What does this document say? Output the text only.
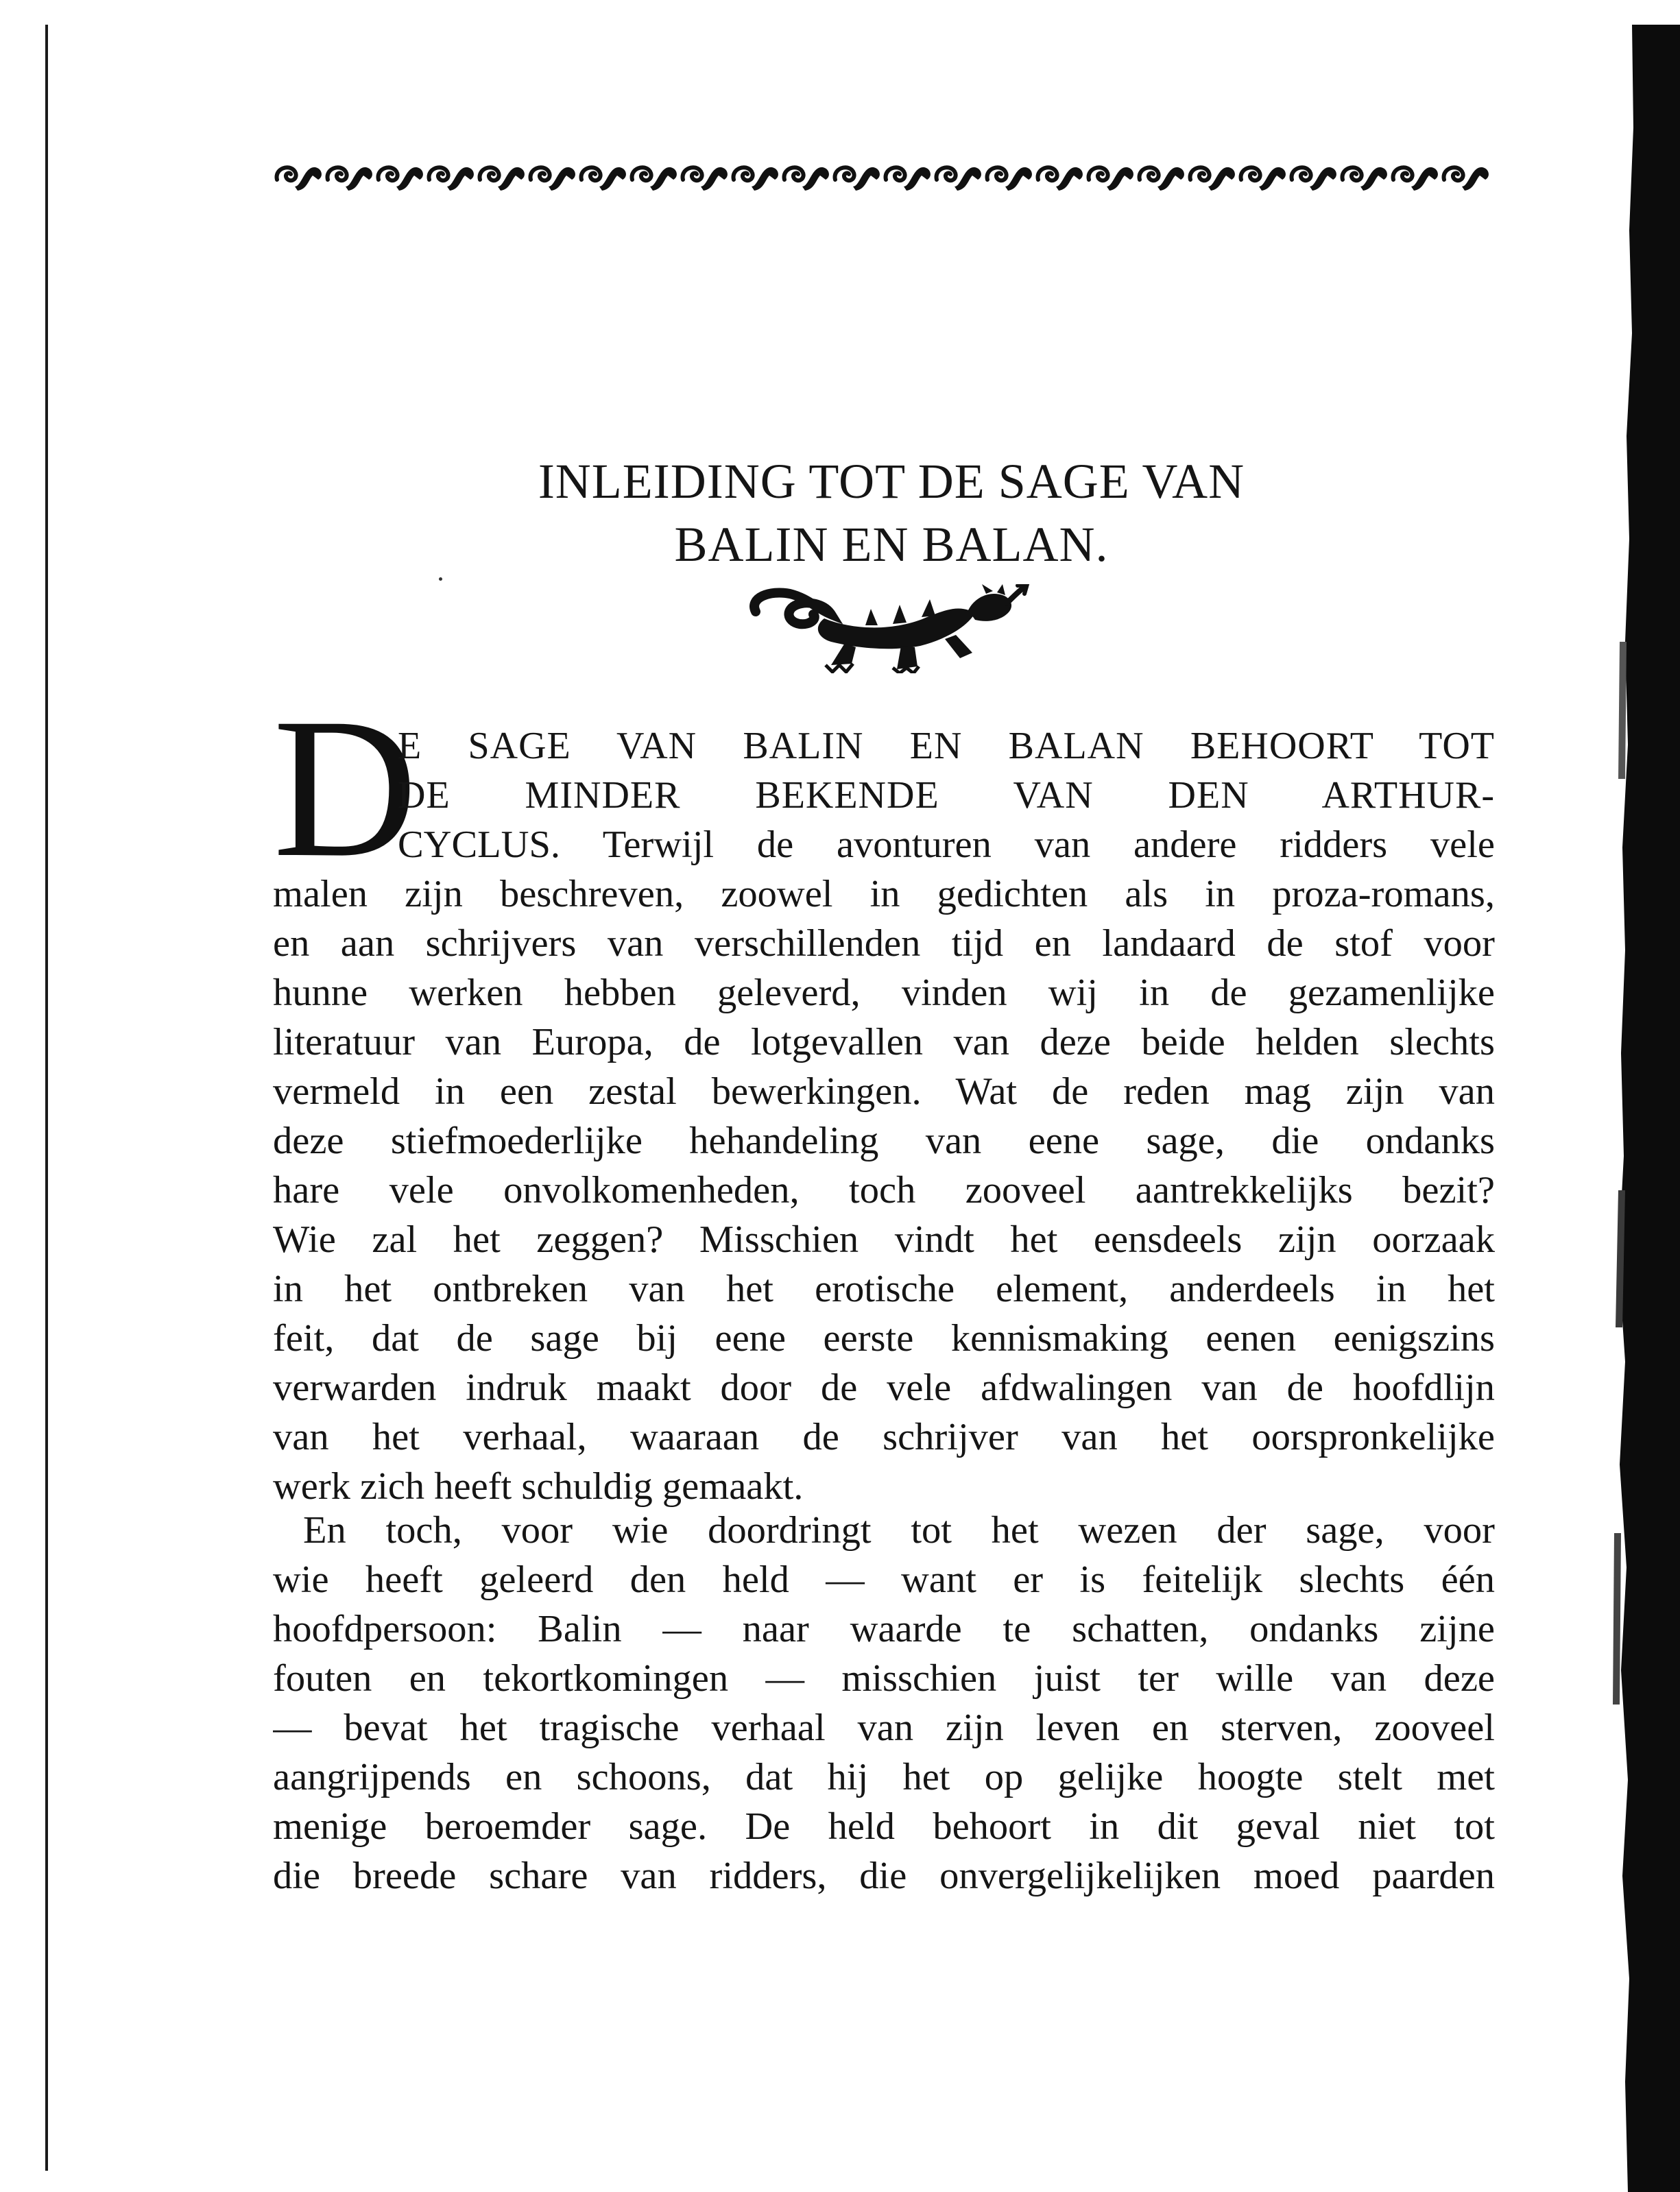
INLEIDING TOT DE SAGE VAN
BALIN EN BALAN.
D

E SAGE VAN BALIN EN BALAN BEHOORT TOT
DE MINDER BEKENDE VAN DEN ARTHUR-
CYCLUS. Terwijl de avonturen van andere ridders vele

malen zijn beschreven, zoowel in gedichten als in proza-romans,
en aan schrijvers van verschillenden tijd en landaard de stof voor
hunne werken hebben geleverd, vinden wij in de gezamenlijke
literatuur van Europa, de lotgevallen van deze beide helden slechts
vermeld in een zestal bewerkingen. Wat de reden mag zijn van
deze stiefmoederlijke hehandeling van eene sage, die ondanks
hare vele onvolkomenheden, toch zooveel aantrekkelijks bezit?
Wie zal het zeggen? Misschien vindt het eensdeels zijn oorzaak
in het ontbreken van het erotische element, anderdeels in het
feit, dat de sage bij eene eerste kennismaking eenen eenigszins
verwarden indruk maakt door de vele afdwalingen van de hoofdlijn
van het verhaal, waaraan de schrijver van het oorspronkelijke
werk zich heeft schuldig gemaakt.

En toch, voor wie doordringt tot het wezen der sage, voor
wie heeft geleerd den held — want er is feitelijk slechts één
hoofdpersoon: Balin — naar waarde te schatten, ondanks zijne
fouten en tekortkomingen — misschien juist ter wille van deze
— bevat het tragische verhaal van zijn leven en sterven, zooveel
aangrijpends en schoons, dat hij het op gelijke hoogte stelt met
menige beroemder sage. De held behoort in dit geval niet tot
die breede schare van ridders, die onvergelijkelijken moed paarden
